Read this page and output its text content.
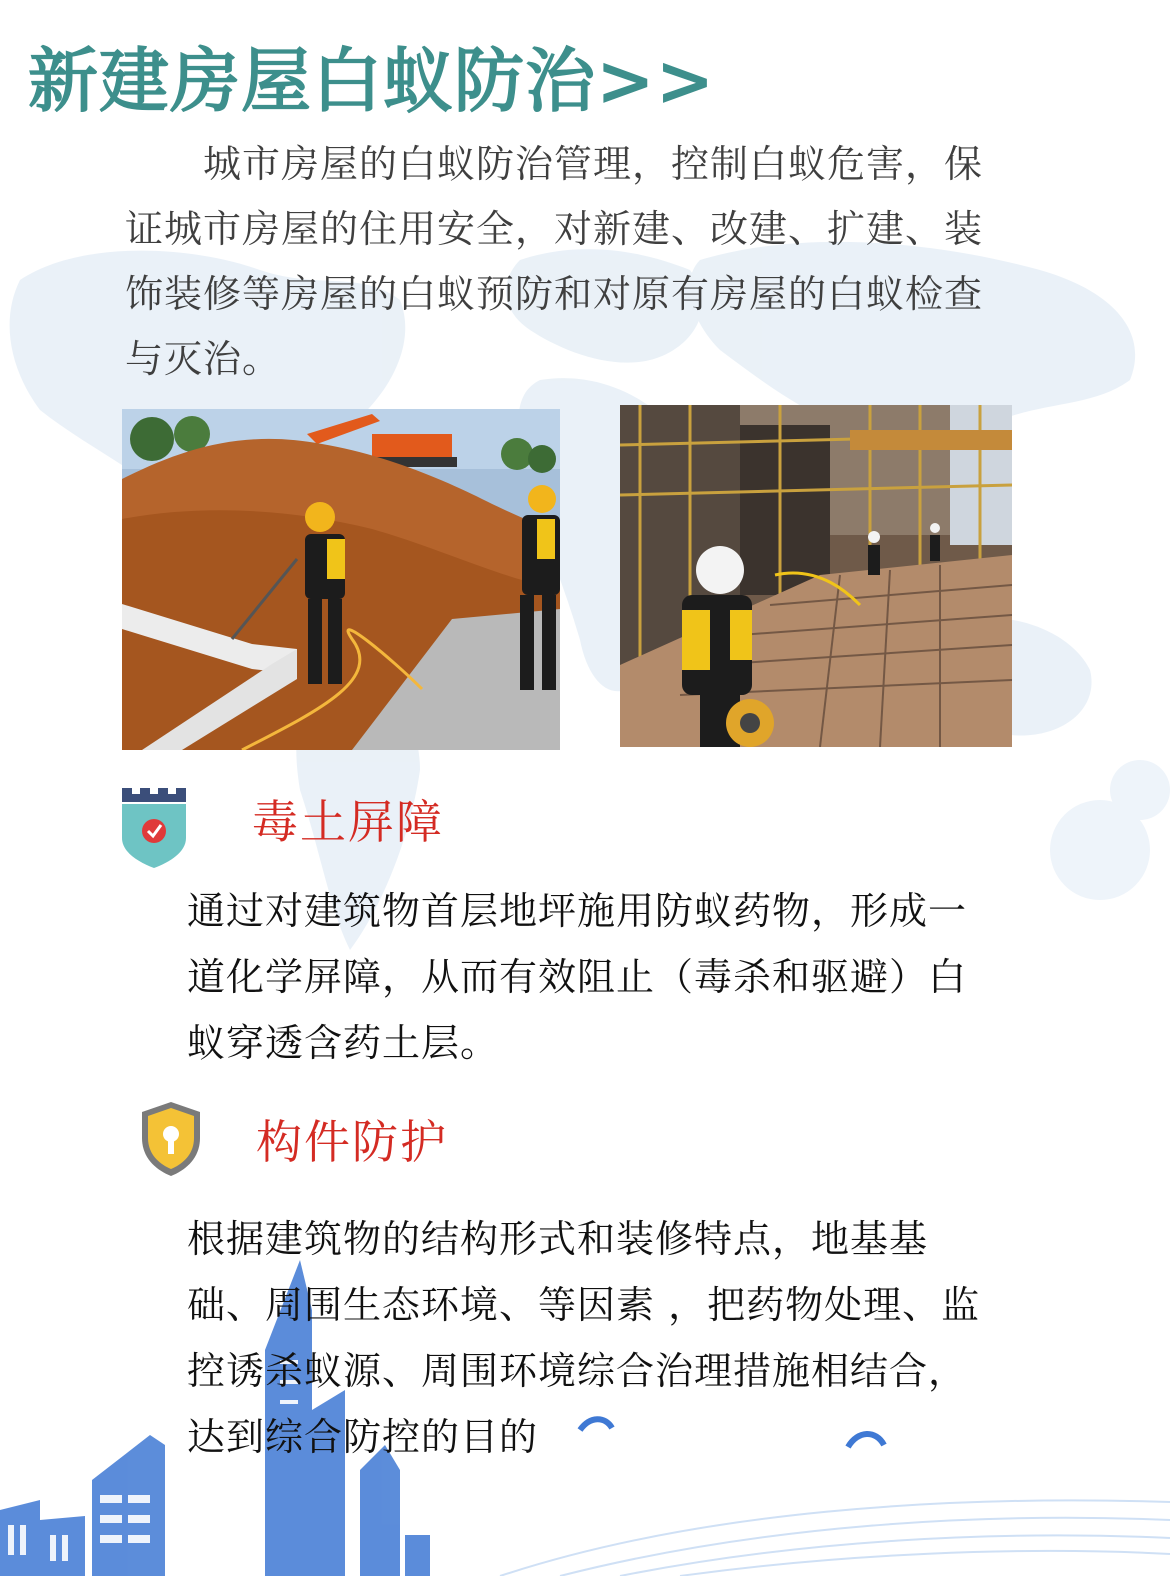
新建房屋白蚁防治>>

　　城市房屋的白蚁防治管理，控制白蚁危害，保证城市房屋的住用安全，对新建、改建、扩建、装饰装修等房屋的白蚁预防和对原有房屋的白蚁检查与灭治。

毒土屏障

通过对建筑物首层地坪施用防蚁药物，形成一道化学屏障，从而有效阻止（毒杀和驱避）白蚁穿透含药土层。

构件防护

根据建筑物的结构形式和装修特点，地基基础、周围生态环境、等因素 ，把药物处理、监控诱杀蚁源、周围环境综合治理措施相结合，达到综合防控的目的
